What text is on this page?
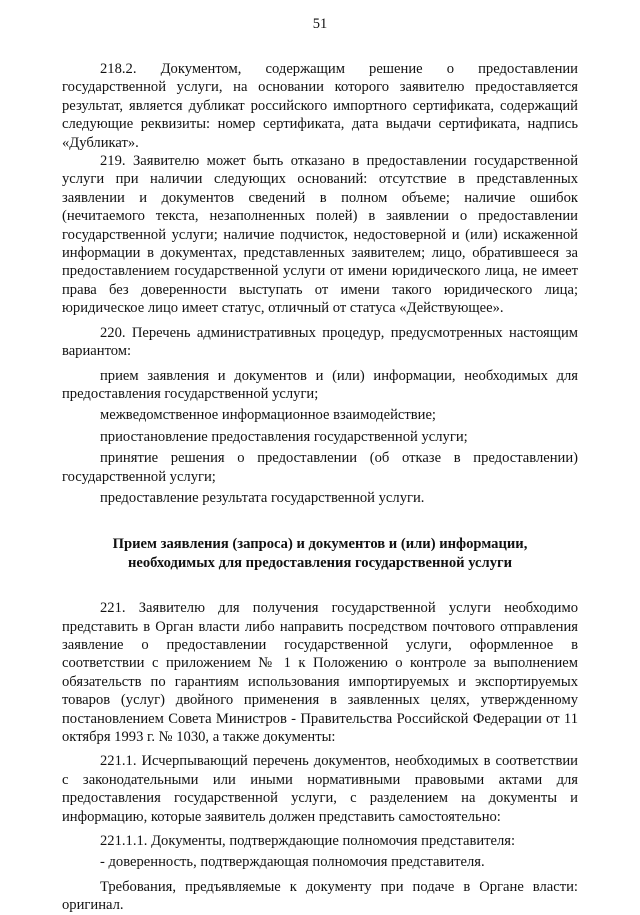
51

218.2. Документом, содержащим решение о предоставлении государственной услуги, на основании которого заявителю предоставляется результат, является дубликат российского импортного сертификата, содержащий следующие реквизиты: номер сертификата, дата выдачи сертификата, надпись «Дубликат».

219. Заявителю может быть отказано в предоставлении государственной услуги при наличии следующих оснований: отсутствие в представленных заявлении и документов сведений в полном объеме; наличие ошибок (нечитаемого текста, незаполненных полей) в заявлении о предоставлении государственной услуги; наличие подчисток, недостоверной и (или) искаженной информации в документах, представленных заявителем; лицо, обратившееся за предоставлением государственной услуги от имени юридического лица, не имеет права без доверенности выступать от имени такого юридического лица; юридическое лицо имеет статус, отличный от статуса «Действующее».

220. Перечень административных процедур, предусмотренных настоящим вариантом:

прием заявления и документов и (или) информации, необходимых для предоставления государственной услуги;

межведомственное информационное взаимодействие;

приостановление предоставления государственной услуги;

принятие решения о предоставлении (об отказе в предоставлении) государственной услуги;

предоставление результата государственной услуги.

Прием заявления (запроса) и документов и (или) информации,
необходимых для предоставления государственной услуги

221. Заявителю для получения государственной услуги необходимо представить в Орган власти либо направить посредством почтового отправления заявление о предоставлении государственной услуги, оформленное в соответствии с приложением № 1 к Положению о контроле за выполнением обязательств по гарантиям использования импортируемых и экспортируемых товаров (услуг) двойного применения в заявленных целях, утвержденному постановлением Совета Министров - Правительства Российской Федерации от 11 октября 1993 г. № 1030, а также документы:

221.1. Исчерпывающий перечень документов, необходимых в соответствии с законодательными или иными нормативными правовыми актами для предоставления государственной услуги, с разделением на документы и информацию, которые заявитель должен представить самостоятельно:

221.1.1. Документы, подтверждающие полномочия представителя:

- доверенность, подтверждающая полномочия представителя.

Требования, предъявляемые к документу при подаче в Органе власти: оригинал.
